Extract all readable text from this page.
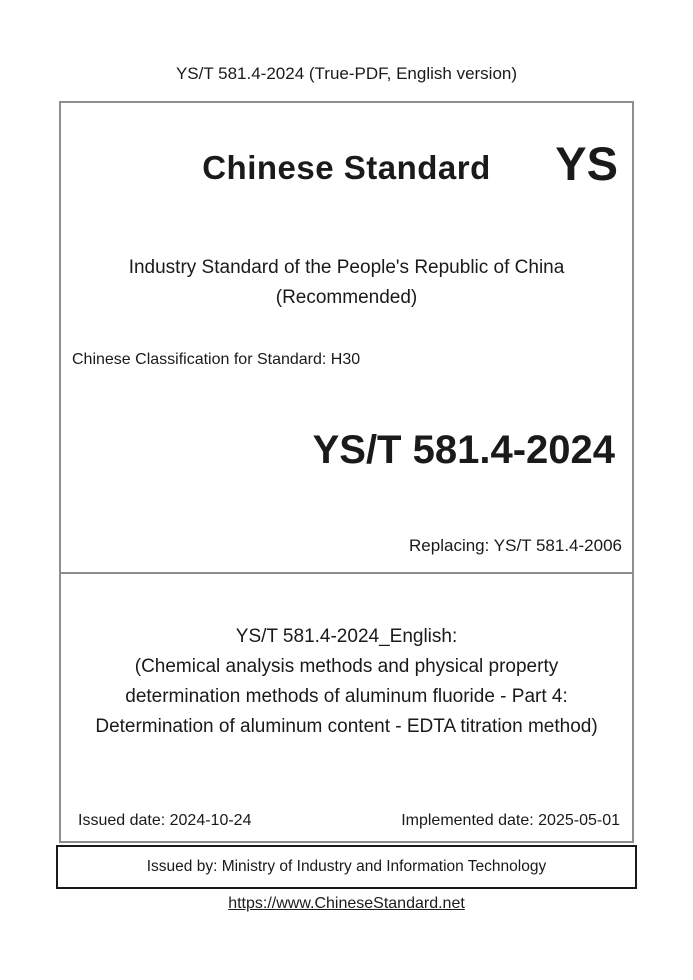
YS/T 581.4-2024 (True-PDF, English version)
Chinese Standard	YS
Industry Standard of the People's Republic of China
(Recommended)
Chinese Classification for Standard: H30
YS/T 581.4-2024
Replacing: YS/T 581.4-2006
YS/T 581.4-2024_English:
(Chemical analysis methods and physical property
determination methods of aluminum fluoride - Part 4:
Determination of aluminum content - EDTA titration method)
Issued date: 2024-10-24	Implemented date: 2025-05-01
Issued by: Ministry of Industry and Information Technology
https://www.ChineseStandard.net
